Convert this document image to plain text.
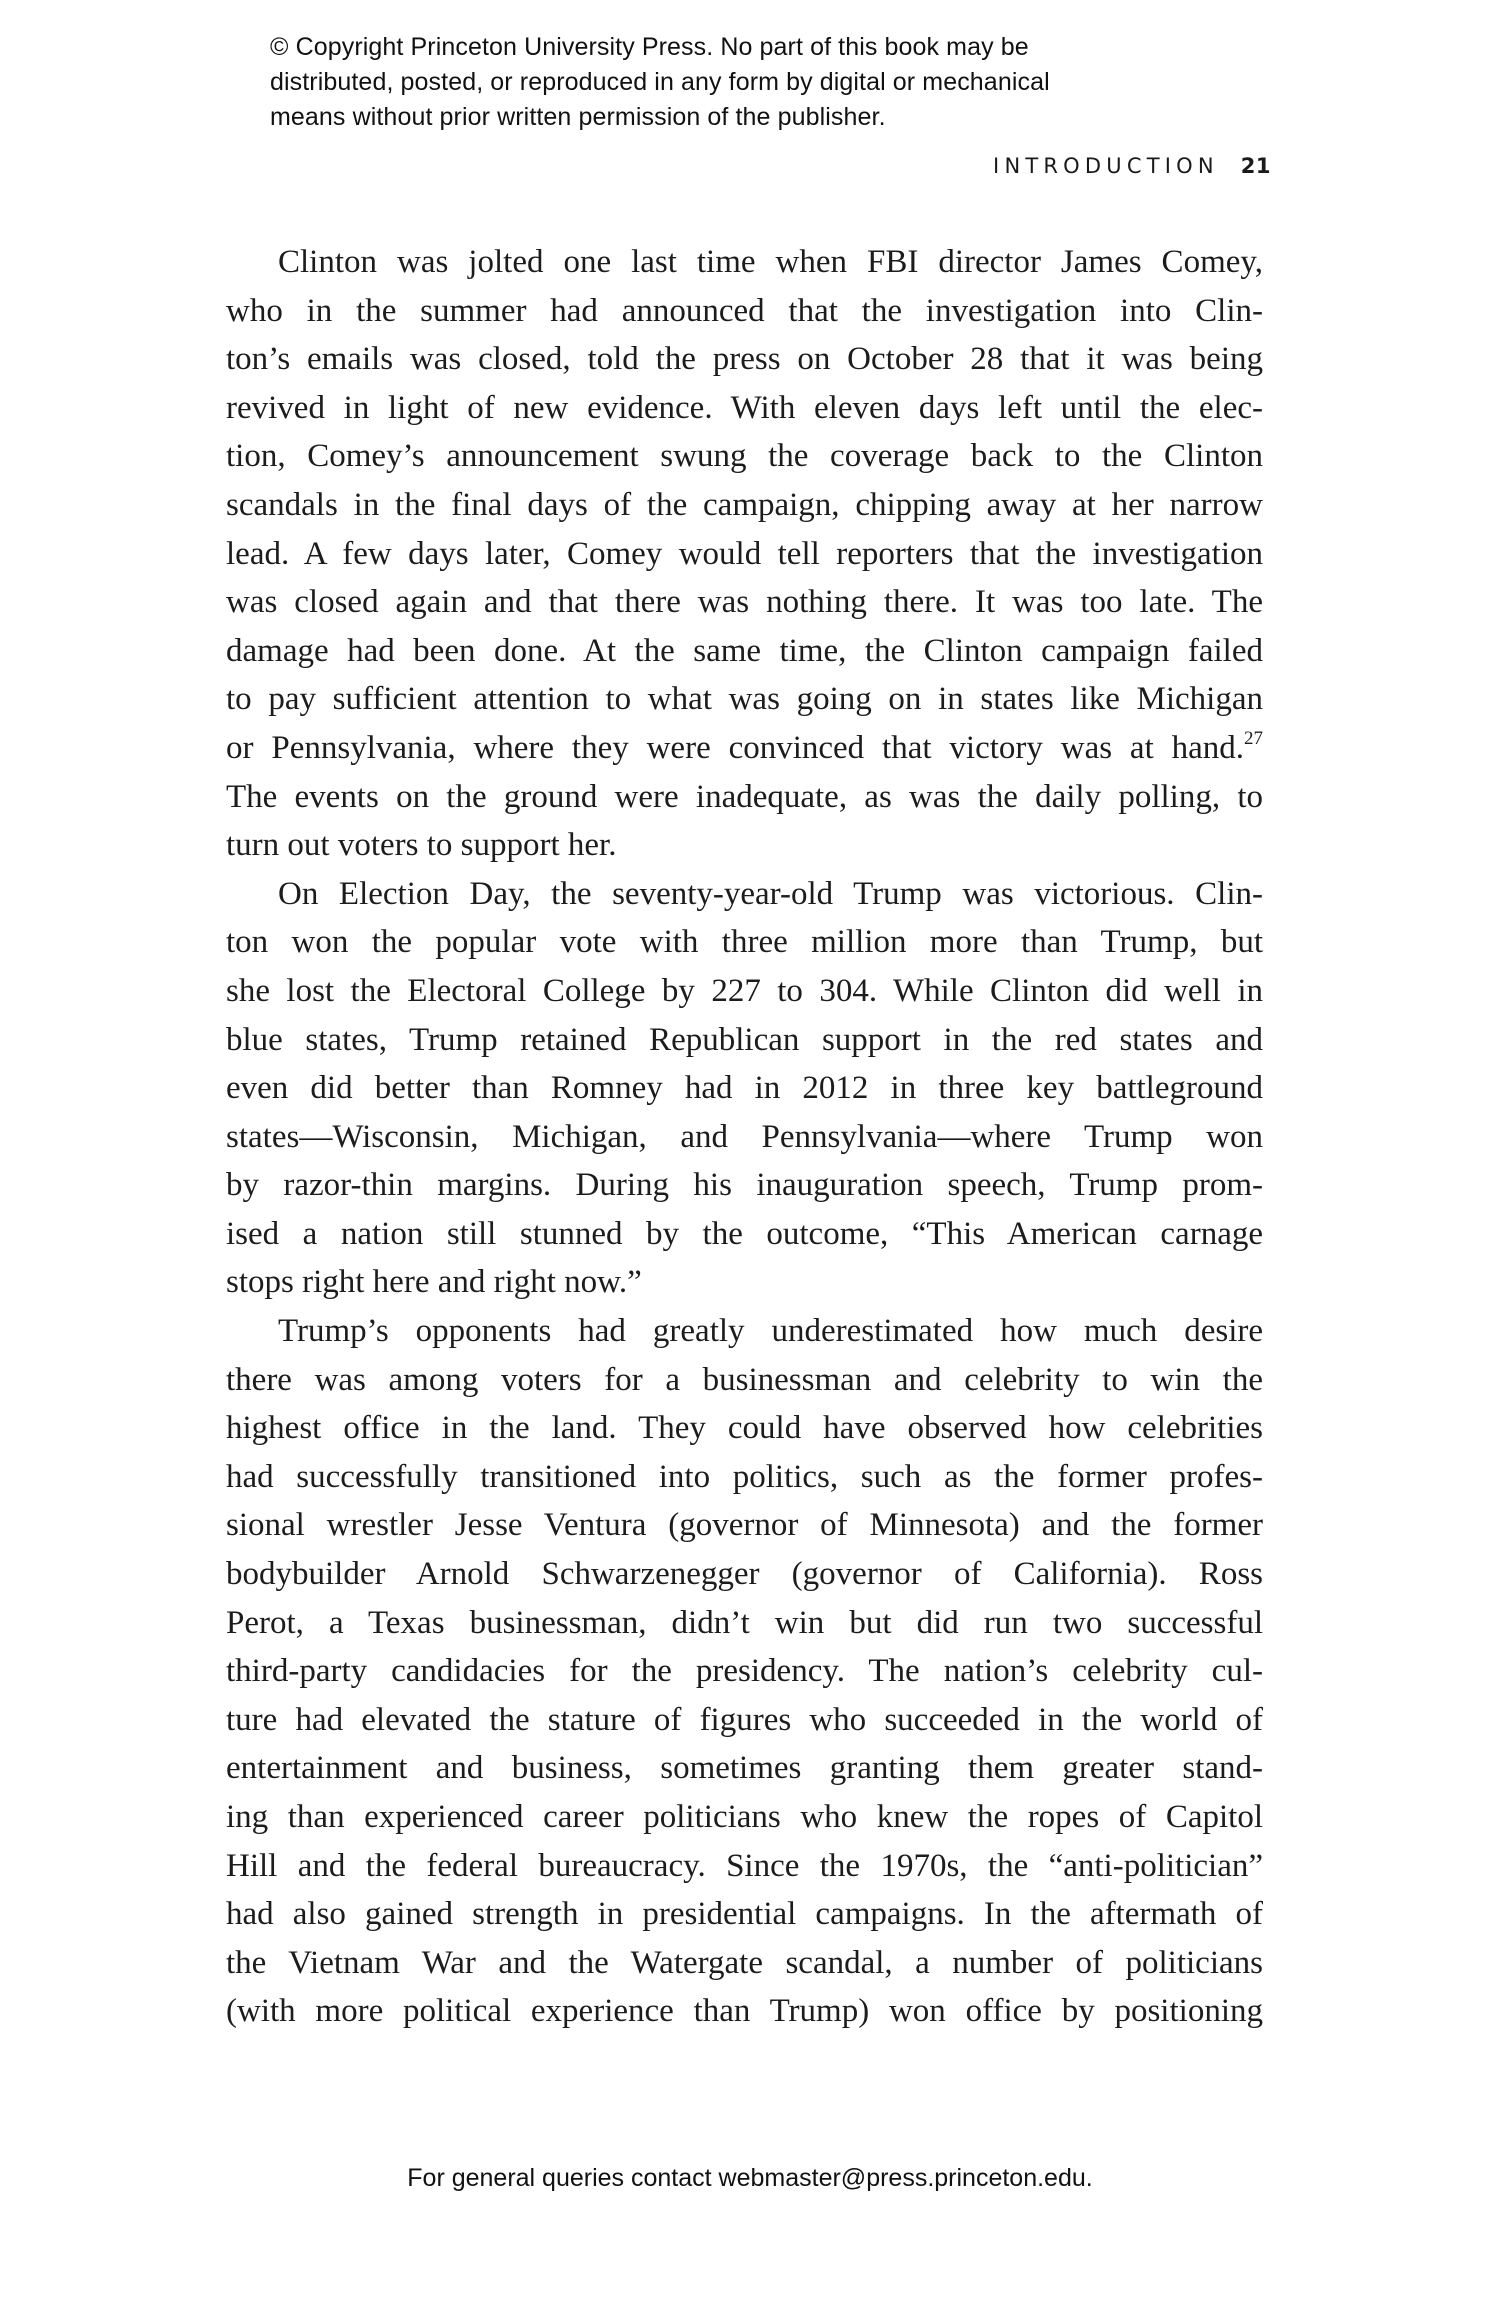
© Copyright Princeton University Press. No part of this book may be
distributed, posted, or reproduced in any form by digital or mechanical
means without prior written permission of the publisher.
INTRODUCTION 21
Clinton was jolted one last time when FBI director James Comey,
who in the summer had announced that the investigation into Clin-
ton’s emails was closed, told the press on October 28 that it was being
revived in light of new evidence. With eleven days left until the elec-
tion, Comey’s announcement swung the coverage back to the Clinton
scandals in the final days of the campaign, chipping away at her narrow
lead. A few days later, Comey would tell reporters that the investigation
was closed again and that there was nothing there. It was too late. The
damage had been done. At the same time, the Clinton campaign failed
to pay sufficient attention to what was going on in states like Michigan
or Pennsylvania, where they were convinced that victory was at hand.$^{27}$
The events on the ground were inadequate, as was the daily polling, to
turn out voters to support her.
On Election Day, the seventy-year-old Trump was victorious. Clin-
ton won the popular vote with three million more than Trump, but
she lost the Electoral College by 227 to 304. While Clinton did well in
blue states, Trump retained Republican support in the red states and
even did better than Romney had in 2012 in three key battleground
states—Wisconsin, Michigan, and Pennsylvania—where Trump won
by razor-thin margins. During his inauguration speech, Trump prom-
ised a nation still stunned by the outcome, “This American carnage
stops right here and right now.”
Trump’s opponents had greatly underestimated how much desire
there was among voters for a businessman and celebrity to win the
highest office in the land. They could have observed how celebrities
had successfully transitioned into politics, such as the former profes-
sional wrestler Jesse Ventura (governor of Minnesota) and the former
bodybuilder Arnold Schwarzenegger (governor of California). Ross
Perot, a Texas businessman, didn’t win but did run two successful
third-party candidacies for the presidency. The nation’s celebrity cul-
ture had elevated the stature of figures who succeeded in the world of
entertainment and business, sometimes granting them greater stand-
ing than experienced career politicians who knew the ropes of Capitol
Hill and the federal bureaucracy. Since the 1970s, the “anti-politician”
had also gained strength in presidential campaigns. In the aftermath of
the Vietnam War and the Watergate scandal, a number of politicians
(with more political experience than Trump) won office by positioning
For general queries contact webmaster@press.princeton.edu.
